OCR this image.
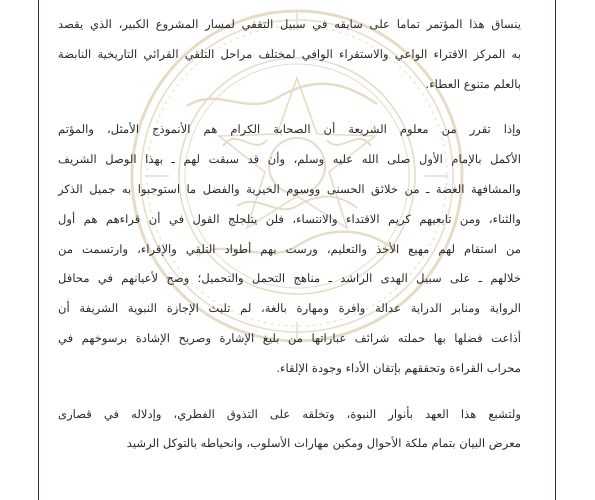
ينساق هذا المؤتمر تماما على سابقه في سبيل التقفي لمسار المشروع الكبير، الذي يقصد
به المركز الاقتراء الواعي والاستقراء الوافي لمختلف مراحل التلقي القرائي التاريخية النابضة
بالعلم متنوع العطاء.
وإذا تقرر من معلوم الشريعة أن الصحابة الكرام هم الأنموذج الأمثل، والمؤتم
الأكمل بالإمام الأول صلى الله عليه وسلم، وأن قد سبقت لهم ـ بهذا الوصل الشريف
والمشافهة الغضة ـ من خلائق الحسنى ووسوم الخيرية والفضل ما استوجبوا به جميل الذكر
والثناء، ومن تابعيهم كريم الاقتداء والانتساء، فلن يتلجلج القول في أن قراءهم هم أول
من استقام لهم مهيع الأخذ والتعليم، ورست بهم أطواد التلقي والإقراء، وارتسمت من
خلالهم ـ على سبيل الهدى الراشد ـ مناهج التحمل والتحميل؛ وصح لأعيانهم في محافل
الرواية ومنابر الدراية عدالة وافرة ومهارة بالغة، لم تلبث الإجازة النبوية الشريفة أن
أذاعت فضلها بها حملته شرائف عباراتها من بليغ الإشارة وصريح الإشادة برسوخهم في
محراب القراءة وتحققهم بإتقان الأداء وجودة الإلقاء.
ولتشبع هذا العهد بأنوار النبوة، وتخلقه على التذوق الفطري، وإدلاله في قصارى
معرض البيان بتمام ملكة الأحوال ومكين مهارات الأسلوب، وانحياطه بالتوكل الرشيد
